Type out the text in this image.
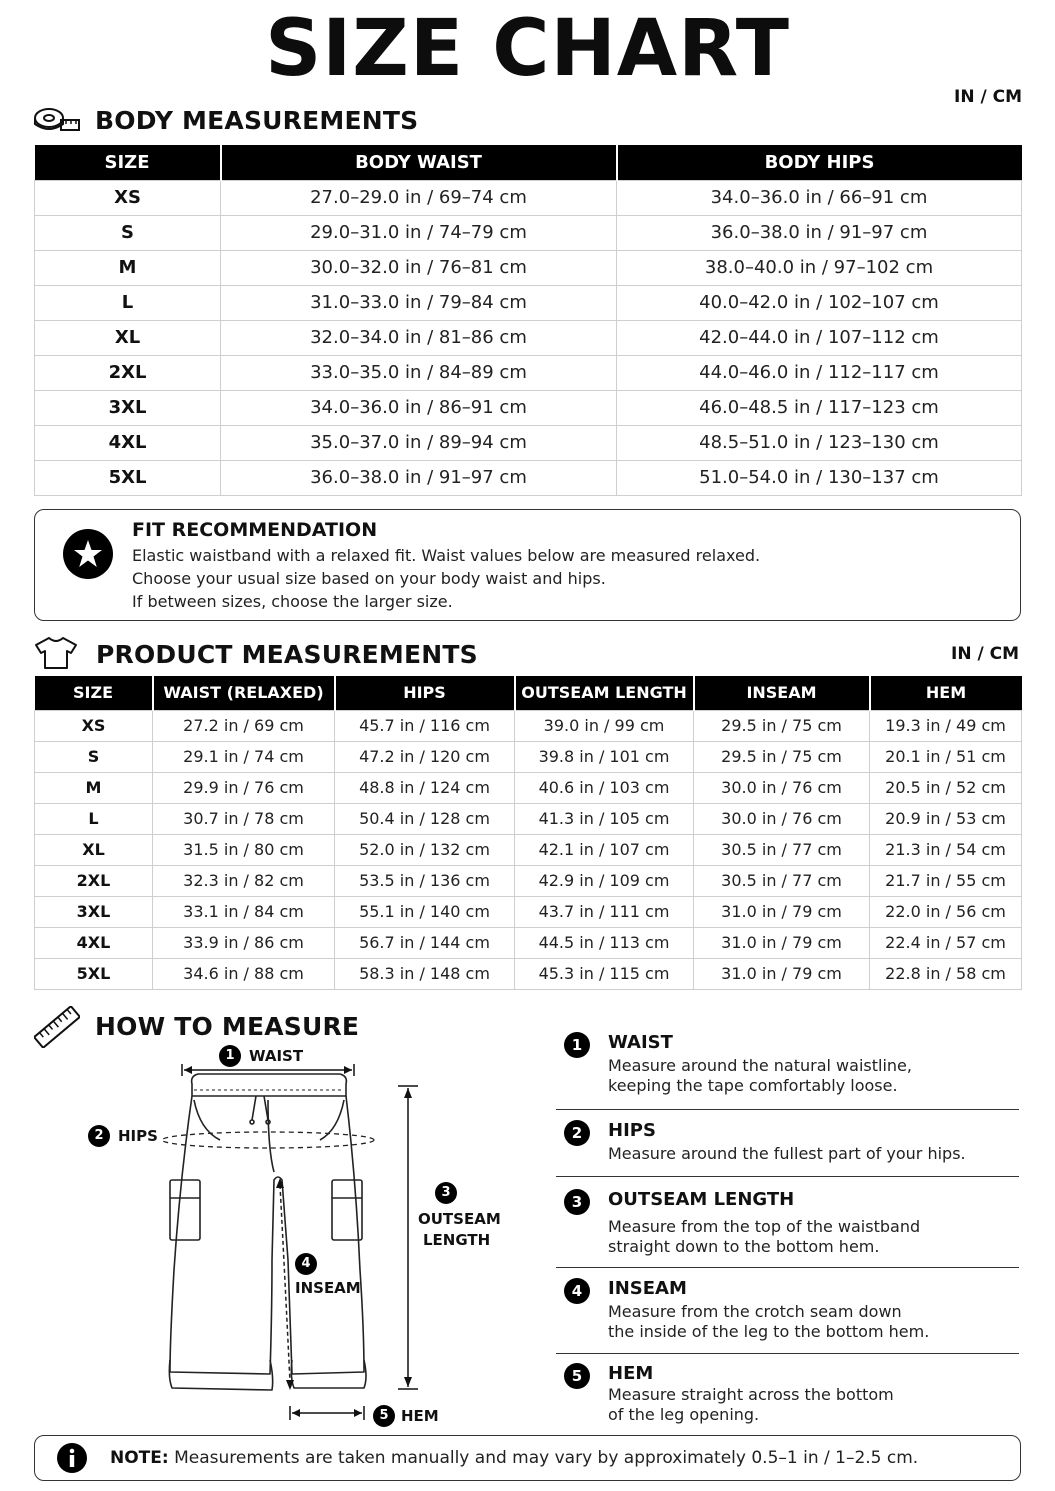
SIZE CHART
IN / CM
BODY MEASUREMENTS
SIZE	BODY WAIST	BODY HIPS
XS	27.0–29.0 in / 69–74 cm	34.0–36.0 in / 66–91 cm
S	29.0–31.0 in / 74–79 cm	36.0–38.0 in / 91–97 cm
M	30.0–32.0 in / 76–81 cm	38.0–40.0 in / 97–102 cm
L	31.0–33.0 in / 79–84 cm	40.0–42.0 in / 102–107 cm
XL	32.0–34.0 in / 81–86 cm	42.0–44.0 in / 107–112 cm
2XL	33.0–35.0 in / 84–89 cm	44.0–46.0 in / 112–117 cm
3XL	34.0–36.0 in / 86–91 cm	46.0–48.5 in / 117–123 cm
4XL	35.0–37.0 in / 89–94 cm	48.5–51.0 in / 123–130 cm
5XL	36.0–38.0 in / 91–97 cm	51.0–54.0 in / 130–137 cm
FIT RECOMMENDATION
Elastic waistband with a relaxed fit. Waist values below are measured relaxed.
Choose your usual size based on your body waist and hips.
If between sizes, choose the larger size.
PRODUCT MEASUREMENTS	IN / CM
SIZE	WAIST (RELAXED)	HIPS	OUTSEAM LENGTH	INSEAM	HEM
XS	27.2 in / 69 cm	45.7 in / 116 cm	39.0 in / 99 cm	29.5 in / 75 cm	19.3 in / 49 cm
S	29.1 in / 74 cm	47.2 in / 120 cm	39.8 in / 101 cm	29.5 in / 75 cm	20.1 in / 51 cm
M	29.9 in / 76 cm	48.8 in / 124 cm	40.6 in / 103 cm	30.0 in / 76 cm	20.5 in / 52 cm
L	30.7 in / 78 cm	50.4 in / 128 cm	41.3 in / 105 cm	30.0 in / 76 cm	20.9 in / 53 cm
XL	31.5 in / 80 cm	52.0 in / 132 cm	42.1 in / 107 cm	30.5 in / 77 cm	21.3 in / 54 cm
2XL	32.3 in / 82 cm	53.5 in / 136 cm	42.9 in / 109 cm	30.5 in / 77 cm	21.7 in / 55 cm
3XL	33.1 in / 84 cm	55.1 in / 140 cm	43.7 in / 111 cm	31.0 in / 79 cm	22.0 in / 56 cm
4XL	33.9 in / 86 cm	56.7 in / 144 cm	44.5 in / 113 cm	31.0 in / 79 cm	22.4 in / 57 cm
5XL	34.6 in / 88 cm	58.3 in / 148 cm	45.3 in / 115 cm	31.0 in / 79 cm	22.8 in / 58 cm
HOW TO MEASURE
1 WAIST
2 HIPS
3
OUTSEAM
LENGTH
4
INSEAM
5 HEM
1	WAIST
Measure around the natural waistline,
keeping the tape comfortably loose.
2	HIPS
Measure around the fullest part of your hips.
3	OUTSEAM LENGTH
Measure from the top of the waistband
straight down to the bottom hem.
4	INSEAM
Measure from the crotch seam down
the inside of the leg to the bottom hem.
5	HEM
Measure straight across the bottom
of the leg opening.
NOTE: Measurements are taken manually and may vary by approximately 0.5–1 in / 1–2.5 cm.
